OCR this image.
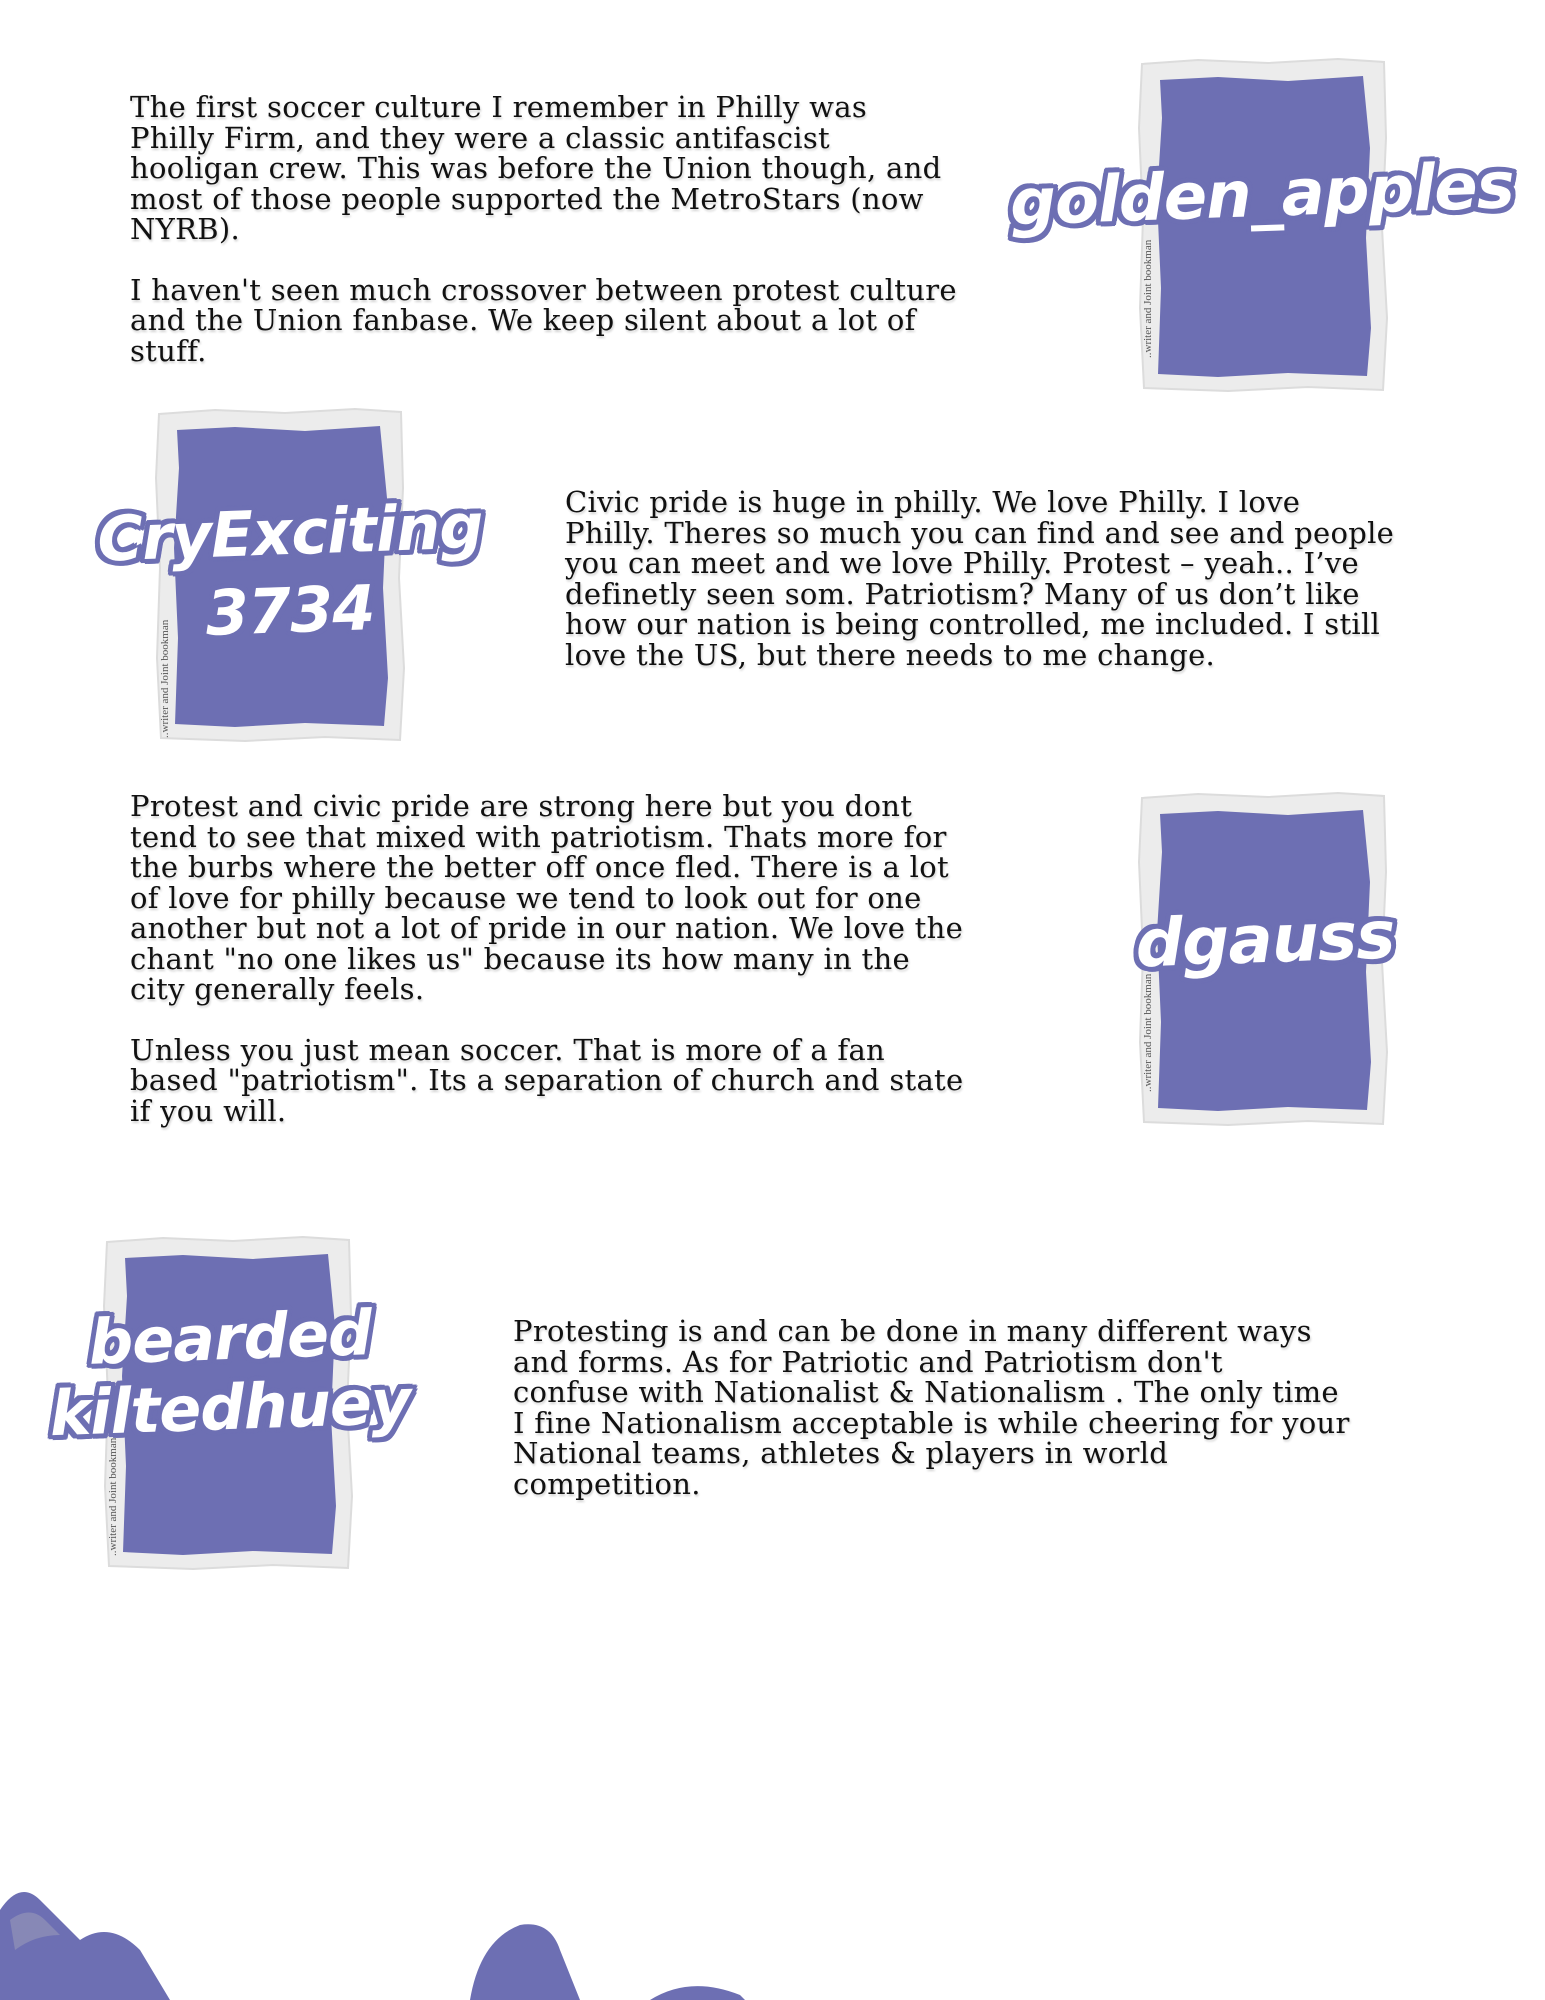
The first soccer culture I remember in Philly was
Philly Firm, and they were a classic antifascist
hooligan crew. This was before the Union though, and
most of those people supported the MetroStars (now
NYRB).

I haven't seen much crossover between protest culture
and the Union fanbase. We keep silent about a lot of
stuff.	..writer and Joint bookman
golden_apples
..writer and Joint bookman
CryExciting
3734

Civic pride is huge in philly. We love Philly. I love
Philly. Theres so much you can find and see and people
you can meet and we love Philly. Protest – yeah.. I’ve
definetly seen som. Patriotism? Many of us don’t like
how our nation is being controlled, me included. I still
love the US, but there needs to me change.

Protest and civic pride are strong here but you dont
tend to see that mixed with patriotism. Thats more for
the burbs where the better off once fled. There is a lot
of love for philly because we tend to look out for one
another but not a lot of pride in our nation. We love the
chant "no one likes us" because its how many in the
city generally feels.

Unless you just mean soccer. That is more of a fan
based "patriotism". Its a separation of church and state
if you will.

..writer and Joint bookman
dgauss
..writer and Joint bookman
bearded
kiltedhuey

Protesting is and can be done in many different ways
and forms. As for Patriotic and Patriotism don't
confuse with Nationalist & Nationalism . The only time
I fine Nationalism acceptable is while cheering for your
National teams, athletes & players in world
competition.
